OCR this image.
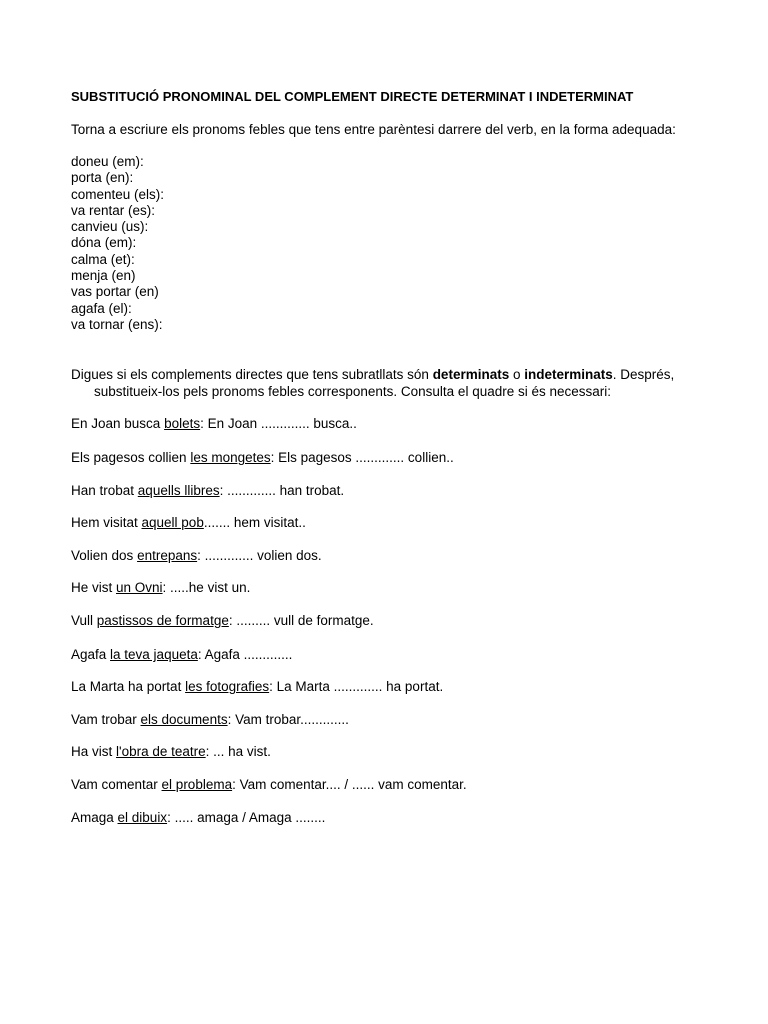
SUBSTITUCIÓ PRONOMINAL DEL COMPLEMENT DIRECTE DETERMINAT I INDETERMINAT
Torna a escriure els pronoms febles que tens entre parèntesi darrere del verb, en la forma adequada:
doneu (em):
porta (en):
comenteu (els):
va rentar (es):
canvieu (us):
dóna (em):
calma (et):
menja (en)
vas portar (en)
agafa (el):
va tornar (ens):
Digues si els complements directes que tens subratllats són determinats o indeterminats. Després,
substitueix-los pels pronoms febles corresponents. Consulta el quadre si és necessari:
En Joan busca bolets: En Joan ............. busca..
Els pagesos collien les mongetes: Els pagesos ............. collien..
Han trobat aquells llibres: ............. han trobat.
Hem visitat aquell pob....... hem visitat..
Volien dos entrepans: ............. volien dos.
He vist un Ovni: .....he vist un.
Vull pastissos de formatge: ......... vull de formatge.
Agafa la teva jaqueta: Agafa .............
La Marta ha portat les fotografies: La Marta ............. ha portat.
Vam trobar els documents: Vam trobar.............
Ha vist l'obra de teatre: ... ha vist.
Vam comentar el problema: Vam comentar.... / ...... vam comentar.
Amaga el dibuix: ..... amaga / Amaga ........
